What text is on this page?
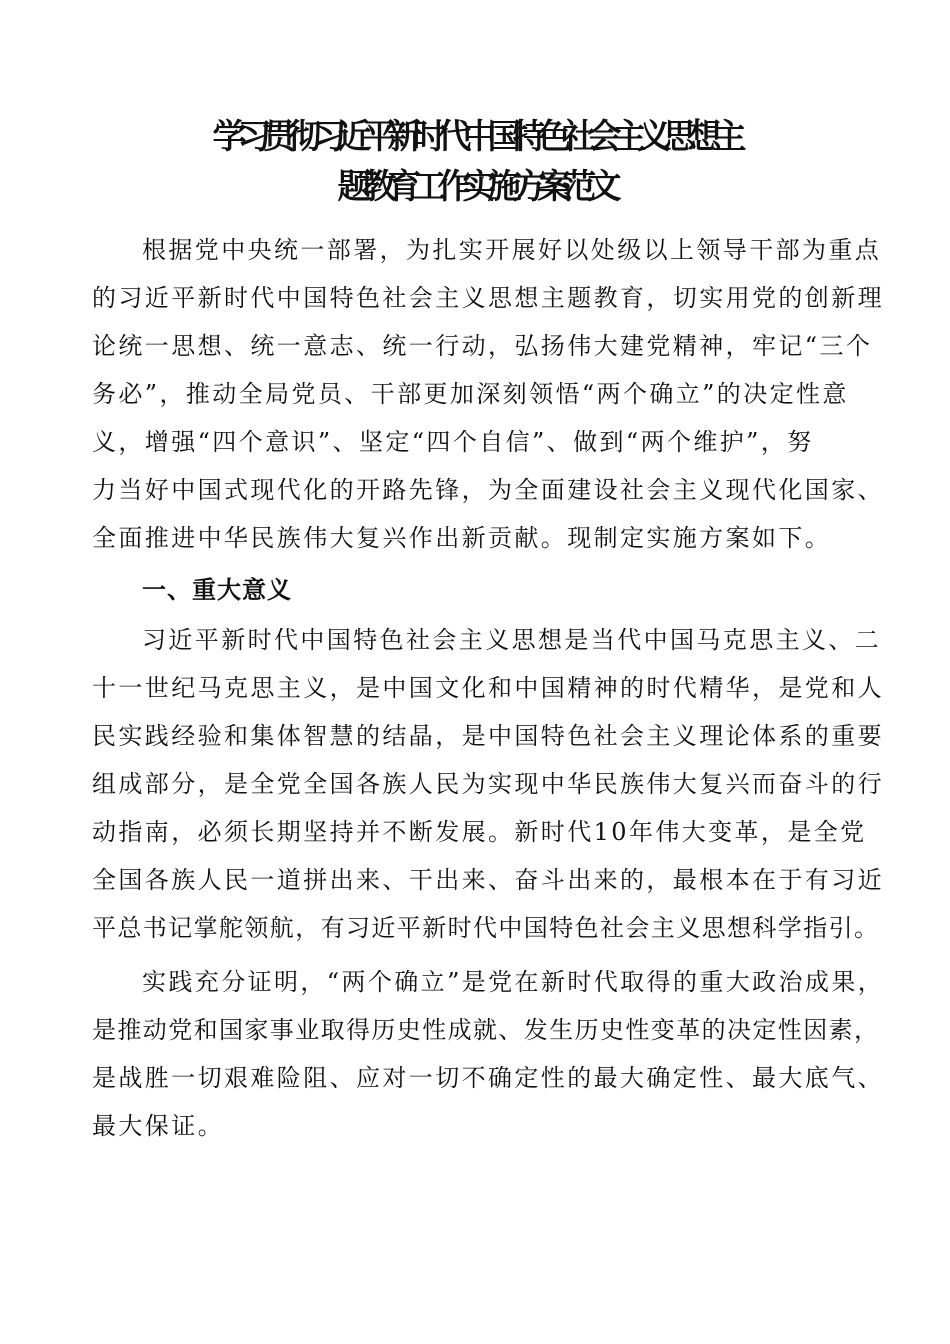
学习贯彻习近平新时代中国特色社会主义思想主
题教育工作实施方案范文

根据党中央统一部署，为扎实开展好以处级以上领导干部为重点

的习近平新时代中国特色社会主义思想主题教育，切实用党的创新理

论统一思想、统一意志、统一行动，弘扬伟大建党精神，牢记“三个

务必”，推动全局党员、干部更加深刻领悟“两个确立”的决定性意

义，增强“四个意识”、坚定“四个自信”、做到“两个维护”，努

力当好中国式现代化的开路先锋，为全面建设社会主义现代化国家、

全面推进中华民族伟大复兴作出新贡献。现制定实施方案如下。

一、重大意义

习近平新时代中国特色社会主义思想是当代中国马克思主义、二

十一世纪马克思主义，是中国文化和中国精神的时代精华，是党和人

民实践经验和集体智慧的结晶，是中国特色社会主义理论体系的重要

组成部分，是全党全国各族人民为实现中华民族伟大复兴而奋斗的行

动指南，必须长期坚持并不断发展。新时代10年伟大变革，是全党

全国各族人民一道拼出来、干出来、奋斗出来的，最根本在于有习近

平总书记掌舵领航，有习近平新时代中国特色社会主义思想科学指引。

实践充分证明，“两个确立”是党在新时代取得的重大政治成果，

是推动党和国家事业取得历史性成就、发生历史性变革的决定性因素，

是战胜一切艰难险阻、应对一切不确定性的最大确定性、最大底气、

最大保证。
